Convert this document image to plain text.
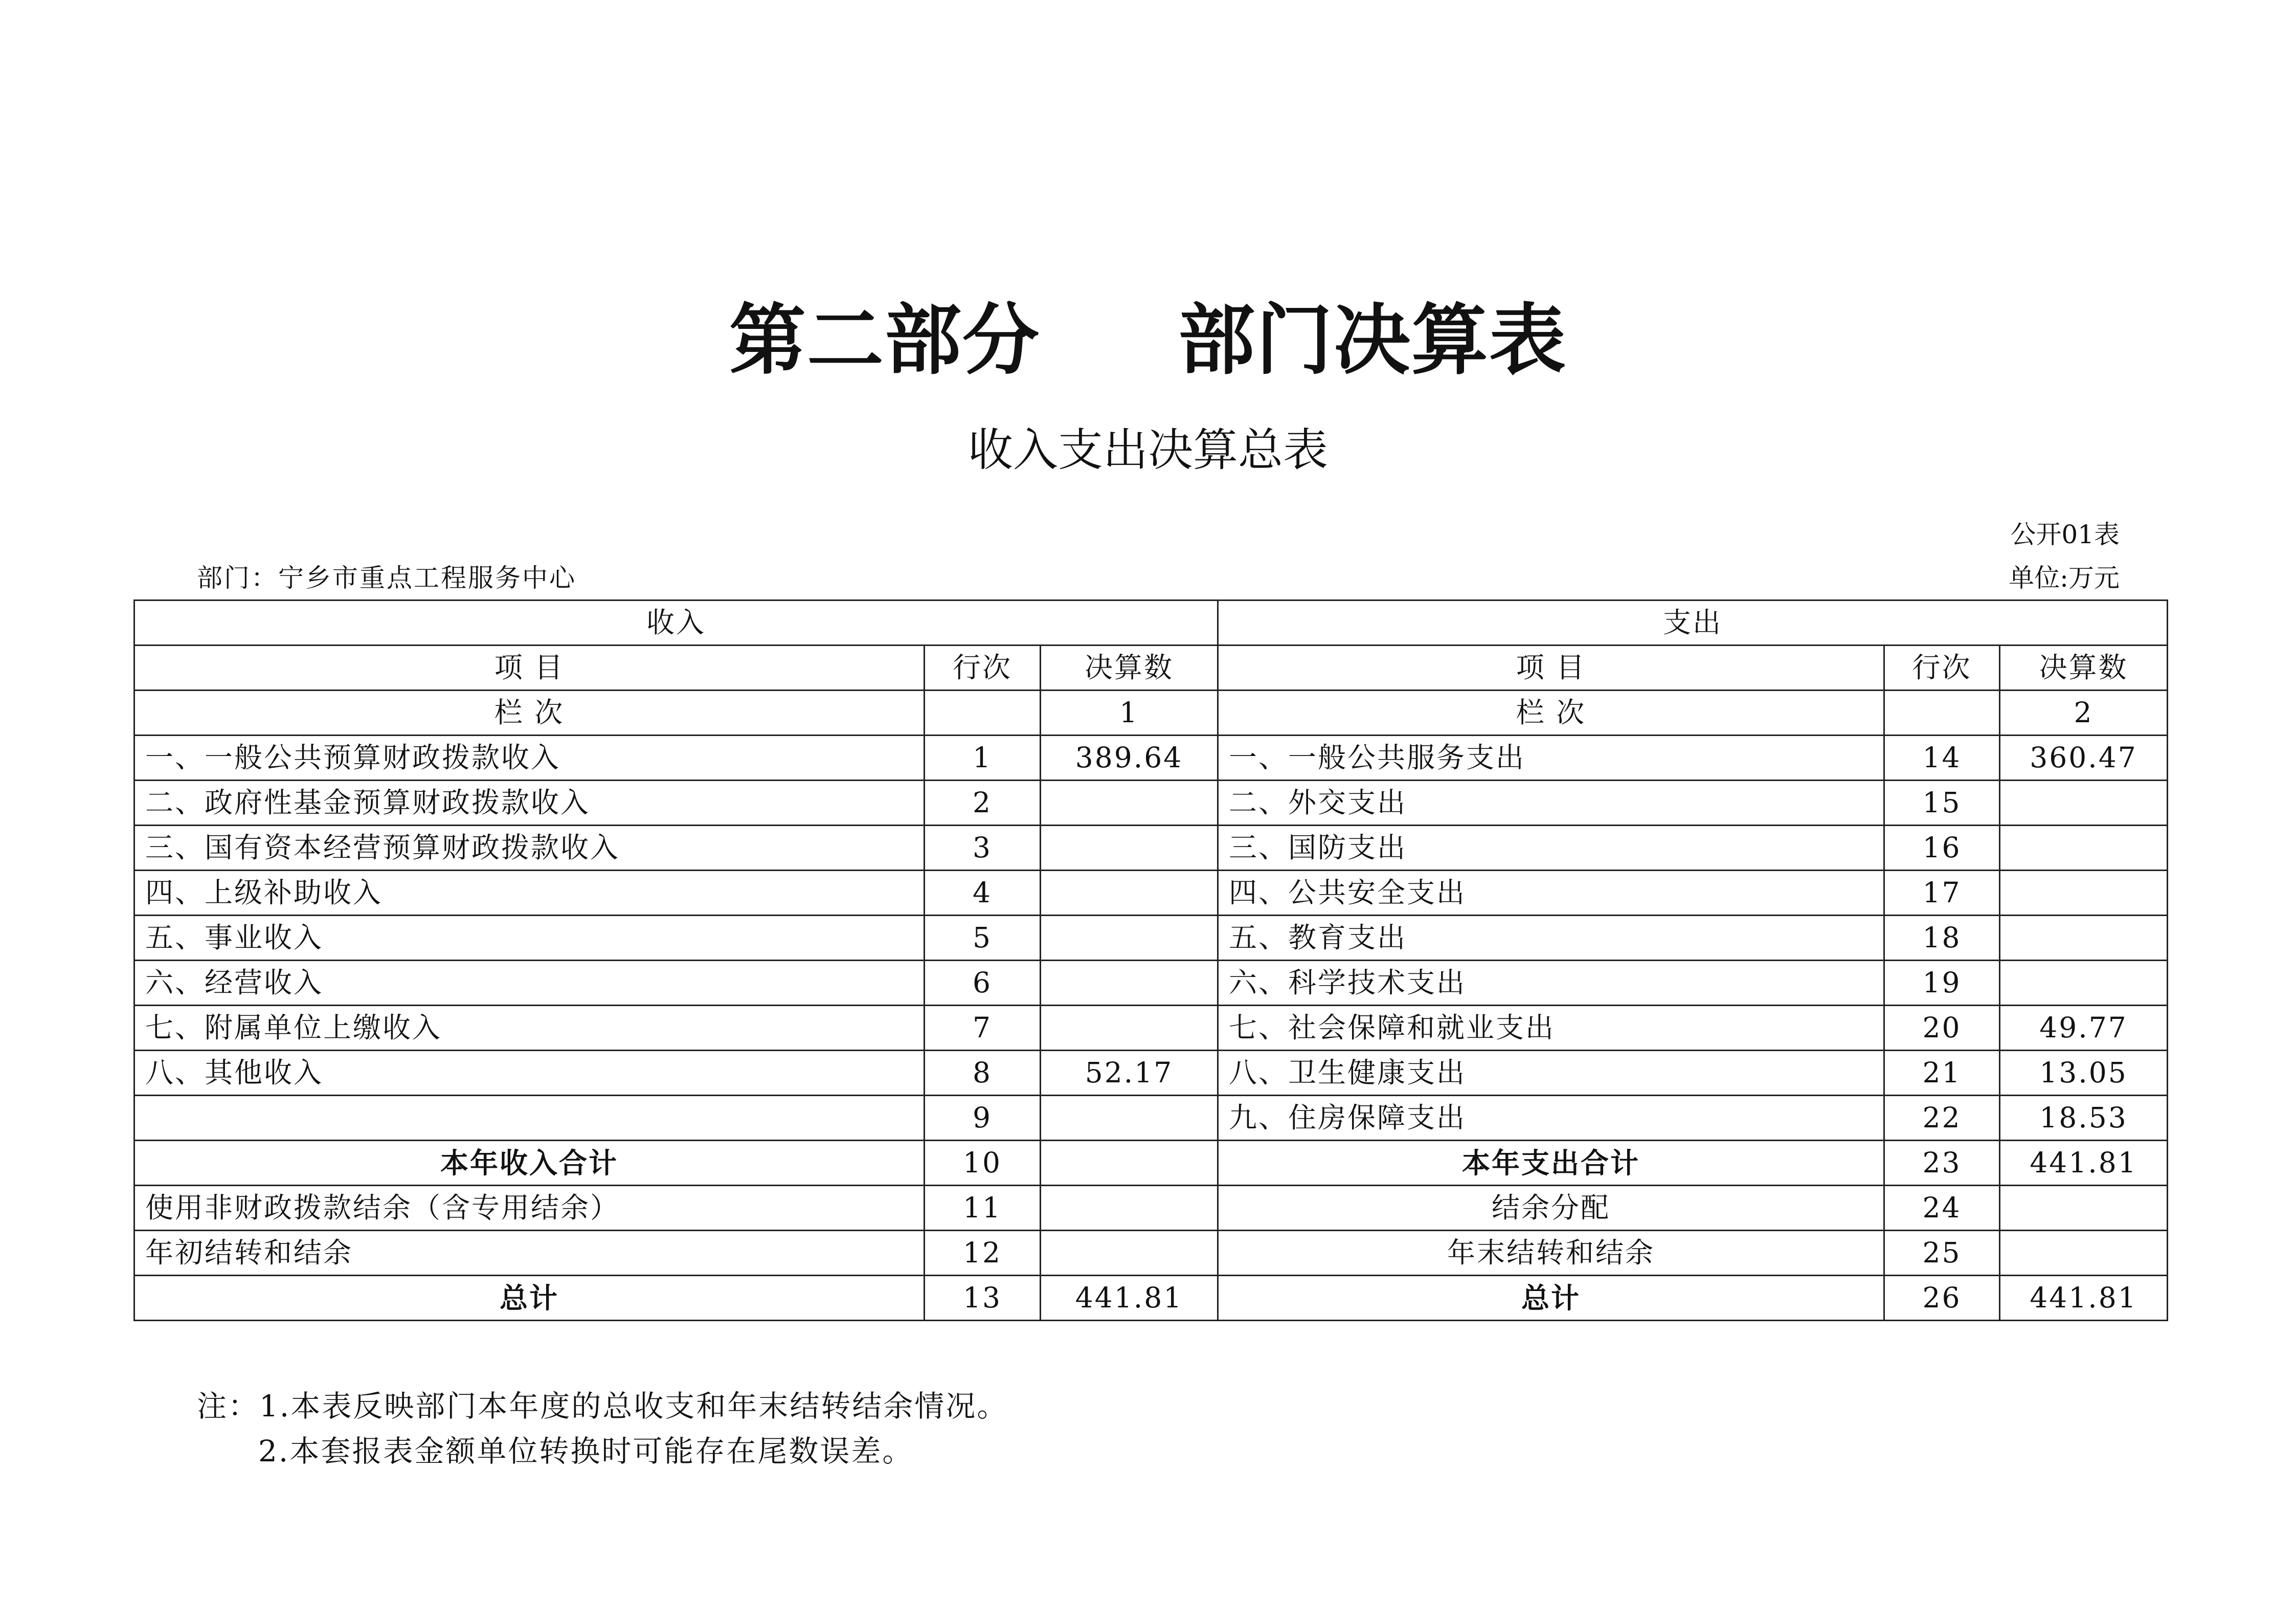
第二部分 部门决算表
收入支出决算总表
公开01表
部门：宁乡市重点工程服务中心	单位:万元
收入			支出		
项 目	行次	决算数	项 目	行次	决算数
栏 次		1	栏 次		2
一、一般公共预算财政拨款收入	1	389.64	一、一般公共服务支出	14	360.47
二、政府性基金预算财政拨款收入	2		二、外交支出	15	
三、国有资本经营预算财政拨款收入	3		三、国防支出	16	
四、上级补助收入	4		四、公共安全支出	17	
五、事业收入	5		五、教育支出	18	
六、经营收入	6		六、科学技术支出	19	
七、附属单位上缴收入	7		七、社会保障和就业支出	20	49.77
八、其他收入	8	52.17	八、卫生健康支出	21	13.05
	9		九、住房保障支出	22	18.53
本年收入合计	10		本年支出合计	23	441.81
使用非财政拨款结余（含专用结余）	11		结余分配	24	
年初结转和结余	12		年末结转和结余	25	
总计	13	441.81	总计	26	441.81
注：1.本表反映部门本年度的总收支和年末结转结余情况。
2.本套报表金额单位转换时可能存在尾数误差。
